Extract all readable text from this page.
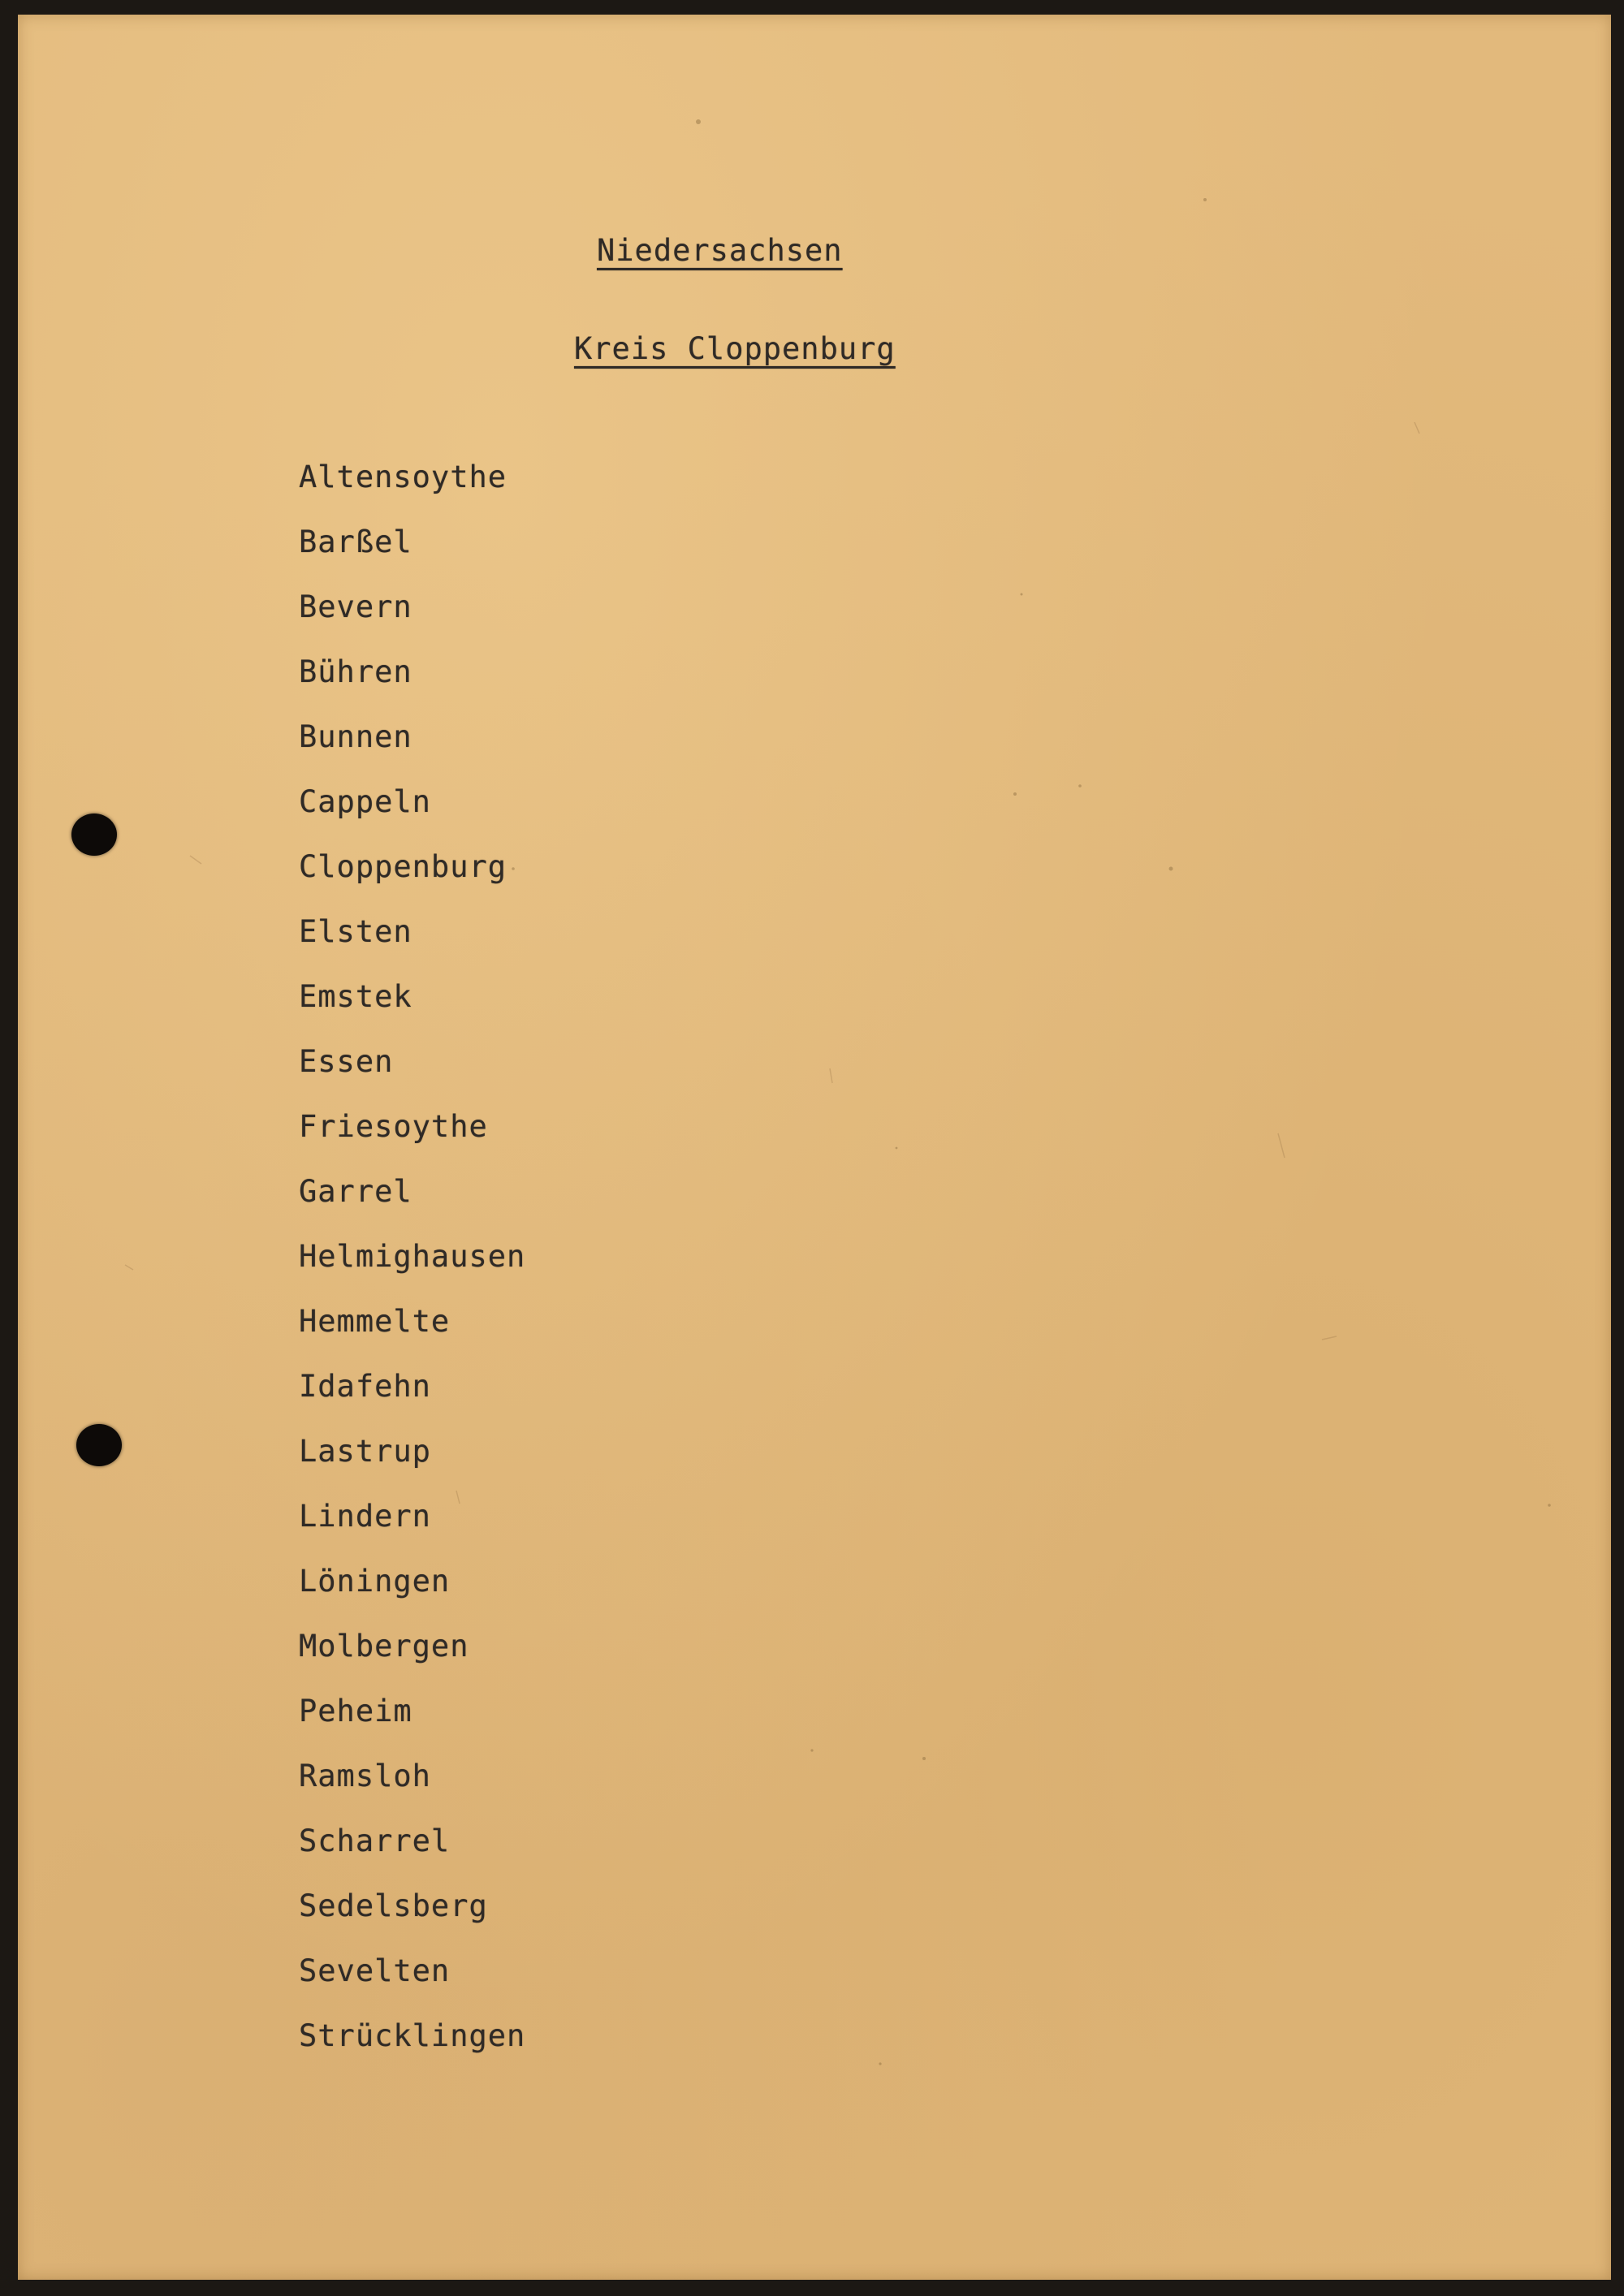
Niedersachsen
Kreis Cloppenburg
Altensoythe
Barßel
Bevern
Bühren
Bunnen
Cappeln
Cloppenburg
Elsten
Emstek
Essen
Friesoythe
Garrel
Helmighausen
Hemmelte
Idafehn
Lastrup
Lindern
Löningen
Molbergen
Peheim
Ramsloh
Scharrel
Sedelsberg
Sevelten
Strücklingen
